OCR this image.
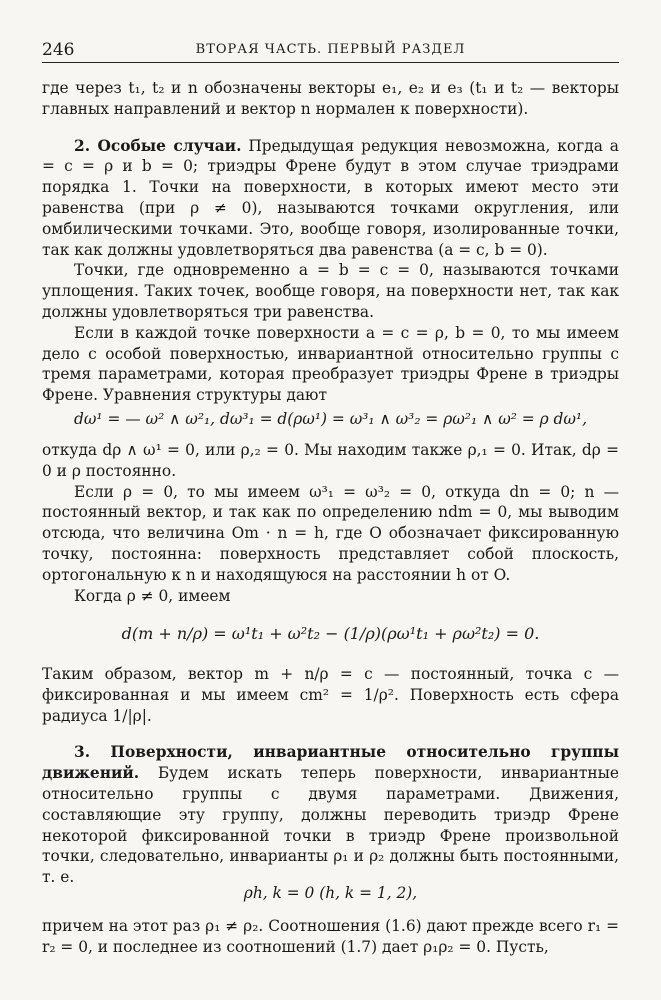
246	ВТОРАЯ ЧАСТЬ. ПЕРВЫЙ РАЗДЕЛ

где через t₁, t₂ и n обозначены векторы e₁, e₂ и e₃ (t₁ и t₂ — векторы главных направлений и вектор n нормален к поверхности).

2. Особые случаи. Предыдущая редукция невозможна, когда a = c = ρ и b = 0; триэдры Френе будут в этом случае триэдрами порядка 1. Точки на поверхности, в которых имеют место эти равенства (при ρ ≠ 0), называются точками округления, или омбилическими точками. Это, вообще говоря, изолированные точки, так как должны удовлетворяться два равенства (a = c, b = 0).

Точки, где одновременно a = b = c = 0, называются точками уплощения. Таких точек, вообще говоря, на поверхности нет, так как должны удовлетворяться три равенства.

Если в каждой точке поверхности a = c = ρ, b = 0, то мы имеем дело с особой поверхностью, инвариантной относительно группы с тремя параметрами, которая преобразует триэдры Френе в триэдры Френе. Уравнения структуры дают

dω¹ = — ω² ∧ ω²₁, dω³₁ = d(ρω¹) = ω³₁ ∧ ω³₂ = ρω²₁ ∧ ω² = ρ dω¹,

откуда dρ ∧ ω¹ = 0, или ρ,₂ = 0. Мы находим также ρ,₁ = 0. Итак, dρ = 0 и ρ постоянно.

Если ρ = 0, то мы имеем ω³₁ = ω³₂ = 0, откуда dn = 0; n — постоянный вектор, и так как по определению ndm = 0, мы выводим отсюда, что величина Om · n = h, где O обозначает фиксированную точку, постоянна: поверхность представляет собой плоскость, ортогональную к n и находящуюся на расстоянии h от O.

Когда ρ ≠ 0, имеем

d(m + n/ρ) = ω¹t₁ + ω²t₂ − (1/ρ)(ρω¹t₁ + ρω²t₂) = 0.

Таким образом, вектор m + n/ρ = c — постоянный, точка c — фиксированная и мы имеем cm² = 1/ρ². Поверхность есть сфера радиуса 1/|ρ|.

3. Поверхности, инвариантные относительно группы движений. Будем искать теперь поверхности, инвариантные относительно группы с двумя параметрами. Движения, составляющие эту группу, должны переводить триэдр Френе некоторой фиксированной точки в триэдр Френе произвольной точки, следовательно, инварианты ρ₁ и ρ₂ должны быть постоянными, т. е.

ρh, k = 0 (h, k = 1, 2),

причем на этот раз ρ₁ ≠ ρ₂. Соотношения (1.6) дают прежде всего r₁ = r₂ = 0, и последнее из соотношений (1.7) дает ρ₁ρ₂ = 0. Пусть,
